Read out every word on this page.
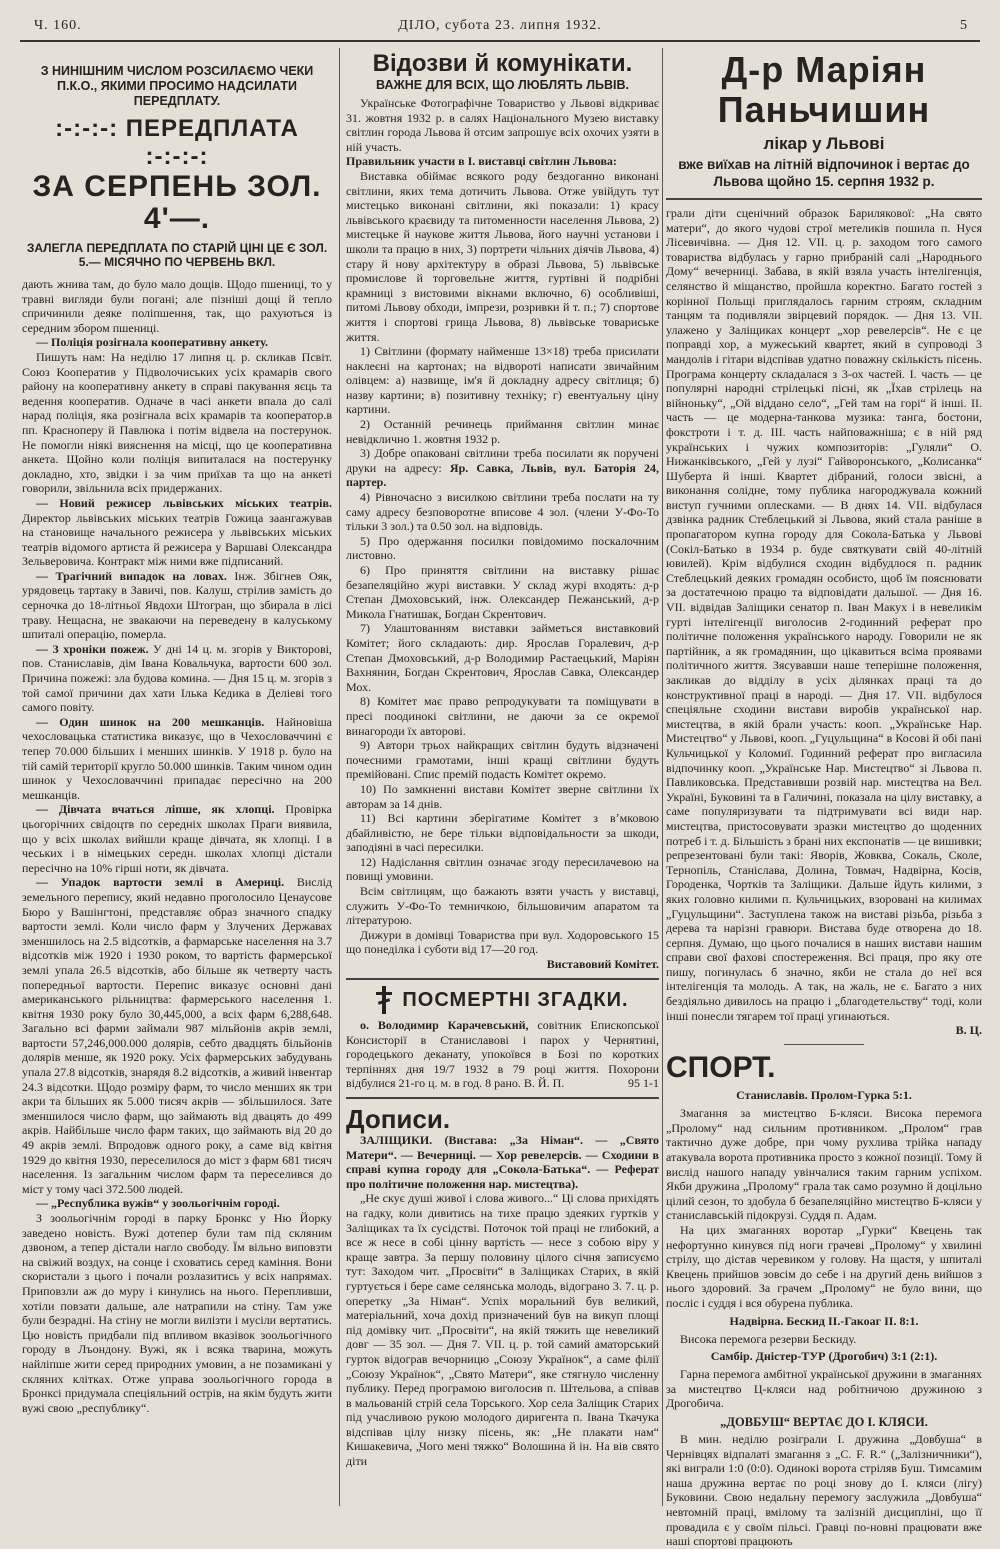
Ч. 160.	ДІЛО, субота 23. липня 1932.	5
З НИНІШНИМ ЧИСЛОМ РОЗСИЛАЄМО ЧЕКИ П.К.О., ЯКИМИ ПРОСИМО НАДСИЛАТИ ПЕРЕДПЛАТУ.
:-:-:-: ПЕРЕДПЛАТА :-:-:-:
ЗА СЕРПЕНЬ ЗОЛ. 4'—.
ЗАЛЕГЛА ПЕРЕДПЛАТА ПО СТАРІЙ ЦІНІ ЦЕ Є ЗОЛ. 5.— МІСЯЧНО ПО ЧЕРВЕНЬ ВКЛ.

дають жнива там, до було мало дощів. Щодо пшениці, то у травні вигляди були погані; але пізніші дощі й тепло спричинили деяке поліпшення, так, що рахуються із середним збором пшениці.

— Поліція розігнала кооперативну анкету.

Пишуть нам: На неділю 17 липня ц. р. скликав Псвіт. Союз Кооператив у Підволочиських усіх крамарів свого району на кооперативну анкету в справі пакування яєць та ведення кооператив. Одначе в часі анкети впала до салі нарад поліція, яка розігнала всіх крамарів та кооператор.в пп. Красноперу й Павлюка і потім відвела на постерунок. Не помогли ніякі вияснення на місці, що це кооперативна анкета. Щойно коли поліція випиталася на постерунку докладно, хто, звідки і за чим приїхав та що на анкеті говорили, звільнила всіх придержаних.

— Новий режисер львівських міських театрів. Директор львівських міських театрів Гожица заангажував на становище начального режисера у львівських міських театрів відомого артиста й режисера у Варшаві Олександра Зельверовича. Контракт між ними вже підписаний.

— Трагічний випадок на ловах. Інж. Збігнев Ояк, урядовець тартаку в Завичі, пов. Калуш, стрілив замість до серночка до 18-літньої Явдохи Штогран, що збирала в лісі траву. Нещасна, не звакаючи на переведену в калуському шпиталі операцію, померла.

— З хроніки пожеж. У дні 14 ц. м. згорів у Викторові, пов. Станиславів, дім Івана Ковальчука, вартости 600 зол. Причина пожежі: зла будова комина. — Дня 15 ц. м. згорів з той самої причини дах хати Ількa Кедика в Деліеві того самого повіту.

— Один шинок на 200 мешканців. Найновіша чехословацька статистика виказує, що в Чехословаччині є тепер 70.000 більших і менших шинків. У 1918 р. було на тій самій території кругло 50.000 шинків. Таким чином один шинок у Чехословаччині припадає пересічно на 200 мешканців.

— Дівчата вчаться ліпше, як хлопці. Провірка цьогорічних свідоцтв по середніх школах Праги виявила, що у всіх школах вийшли краще дівчата, як хлопці. І в чеських і в німецьких середн. школах хлопці дістали пересічно на 10% гірші ноти, як дівчата.

— Упадок вартости землі в Америці. Вислід земельного перепису, який недавно проголосило Ценаусове Бюро у Вашінгтоні, представляє образ значного спадку вартости землі. Коли число фарм у Злучених Державах зменшилось на 2.5 відсотків, а фармарське населення на 3.7 відсотків між 1920 і 1930 роком, то вартість фармерської землі упала 26.5 відсотків, або більше як четверту часть попередньої вартости. Перепис виказує основні дані американського рільництва: фармерського населення 1. квітня 1930 року було 30,445,000, а всіх фарм 6,288,648. Загально всі фарми займали 987 мільйонів акрів землі, вартости 57,246,000.000 долярів, себто двадцять більйонів долярів менше, як 1920 року. Усіх фармерських забудувань упала 27.8 відсотків, знарядя 8.2 відсотків, а живий інвентар 24.3 відсотки. Щодо розміру фарм, то число менших як три акри та більших як 5.000 тисяч акрів — збільшилося. Зате зменшилося число фарм, що займають від двацять до 499 акрів. Найбільше число фарм таких, що займають від 20 до 49 акрів землі. Впродовж одного року, а саме від квітня 1929 до квітня 1930, переселилося до міст з фарм 681 тисяч населення. Із загальним числом фарм та переселився до міст у тому часі 372.500 людей.

— „Республика вужів“ у зоольогічнім городі.

З зоольогічнім городі в парку Бронкс у Ню Йорку заведено новість. Вужі дотепер були там під скляним дзвоном, а тепер дістали нагло свободу. Їм вільно виповзти на свіжий воздух, на сонце і сховатись серед каміння. Вони скористали з цього і почали розлазитись у всіх напрямах. Приповзли аж до муру і кинулись на нього. Перепливши, хотіли повзати дальше, але натрапили на стіну. Там уже були безрадні. На стіну не могли вилізти і мусіли вертатись. Цю новість придбали під впливом вказівок зоольогічного городу в Лъондону. Вужі, як і всяка тварина, можуть найліпше жити серед природних умовин, а не позамикані у скляних клітках. Отже управа зоольогічного города в Бронксі придумала спеціяльний острів, на якім будуть жити вужі свою „республику“.

Відозви й комунікати.
ВАЖНЕ ДЛЯ ВСІХ, ЩО ЛЮБЛЯТЬ ЛЬВІВ.

Українське Фотографічне Товариство у Львові відкриває 31. жовтня 1932 р. в салях Національного Музею виставку світлин города Львова й отсим запрошує всіх охочих узяти в ній участь.

Правильник участи в І. виставці світлин Львова:

Виставка обіймає всякого роду бездоганно виконані світлини, яких тема дотичить Львова. Отже увійдуть тут мистецько виконані світлини, які показали: 1) красу львівського краєвиду та питоменности населення Львова, 2) мистецьке й наукове життя Львова, його научні установи і школи та працю в них, 3) портрети чільних діячів Львова, 4) стару й нову архітектуру в образі Львова, 5) львівське промислове й торговельне життя, гуртівні й подрібні крамниці з вистовими вікнами включно, 6) особливіші, питомі Львову обходи, імпрези, розривки й т. п.; 7) спортове життя і спортові грища Львова, 8) львівське товариське життя.

1) Світлини (формату найменше 13×18) треба присилати наклеєні на картонах; на відвороті написати звичайним олівцем: а) назвище, ім'я й докладну адресу світлиця; б) назву картини; в) позитивну техніку; г) евентуальну ціну картини.

2) Останній речинець приймання світлин минає невідкличнo 1. жовтня 1932 р.

3) Добре опаковані світлини треба посилати як поручені друки на адресу: Яр. Савка, Львів, вул. Баторія 24, партер.

4) Рівночасно з висилкою світлини треба послати на ту саму адресу безповоротне вписове 4 зол. (члени У-Фо-То тільки 3 зол.) та 0.50 зол. на відповідь.

5) Про одержання посилки повідомимо поскалочним листовно.

6) Про приняття світлини на виставку рішає безапеляційно журі виставки. У склад журі входять: д-р Степан Дмоховський, інж. Олександер Пежанський, д-р Микола Гнатишак, Богдан Скрентович.

7) Улаштованням виставки займеться виставковий Комітет; його складають: дир. Ярослав Горалевич, д-р Степан Дмоховський, д-р Володимир Растаецький, Маріян Вахнянин, Богдан Скрентович, Ярослав Савка, Олександер Мох.

8) Комітет має право репродукувати та поміщувати в пресі пoодинокі світлини, не даючи за се окремої винагороди їх авторові.

9) Автори трьох найкращих світлин будуть відзначені почесними грамотами, інші кращі світлини будуть премійовані. Спис премій подасть Комітет окремо.

10) По замкненні вистави Комітет зверне світлини їх авторам за 14 днів.

11) Всі картини зберігатиме Комітет з вʼмковою дбайливістю, не бере тільки відповідальности за шкоди, заподіяні в часі пересилки.

12) Надіслання світлин означає згоду пересилачeвою на повищі умовини.

Всім світлицям, що бажають взяти участь у виставці, служить У-Фо-То темничкою, більшовичим апаратом та літературою.

Дижури в домівці Товариства при вул. Ходоровського 15 що понеділка і суботи від 17—20 год.

Виставовий Комітет.
ПОСМЕРТНІ ЗГАДКИ.

о. Володимир Карачевський, совітник Епископської Консисторії в Станиславові і парох у Чернятині, городецького деканату, упокоївся в Бозі по коротких терпіннях дня 19/7 1932 в 79 році життя. Похорони відбулися 21-го ц. м. в год. 8 рано. В. Й. П.	95 1-1

Дописи.

ЗАЛІЩИКИ. (Вистава: „За Німан“. — „Свято Матери“. — Вечерниці. — Хор ревелерсів. — Сходини в справі купна городу для „Сокола-Батька“. — Реферат про політичне положення нар. мистецтва).

„Не скує душі живої і слова живого...“ Ці слова прихідять на гадку, коли дивитись на тихе працю здеяких гуртків у Заліщиках та їх сусідстві. Поточок той праці не глибокий, а все ж несе в собі цінну вартість — несе з собою віру у краще завтра. За першу половину цілого січня записуємо тут: Заходом чит. „Просвіти“ в Заліщиках Старих, в якій гуртується і бере саме селянська молодь, відограно 3. 7. ц. р. оперетку „За Німан“. Успіх моральний був великий, матеріальний, хоча дохід призначений був на викуп площі під домівку чит. „Просвіти“, на якій тяжить ще невеликий довг — 35 зол. — Дня 7. VII. ц. р. той самий аматорський гурток відограв вечорницю „Союзу Українок“, а саме філії „Союзу Українок“, „Свято Матери“, яке стягнуло численну публику. Перед програмою виголосив п. Штельова, а співав в мальованій стрій села Торського. Хор села Заліщик Старих під учасливою рукою молодого диригента п. Івана Ткачука відспівав цілу низку пісень, як: „Не плакати нам“ Кишакевича, „Чого мені тяжко“ Волошина й ін. На вів свято діти

Д-р Маріян Паньчишин
лікар у Львові
вже виїхав на літній відпочинок і вертає до Львова щойно 15. серпня 1932 р.

грали діти сценічний образок Барилякової: „На свято матери“, до якого чудові строї метеликів пошила п. Нуся Лісевичівна. — Дня 12. VII. ц. р. заходом того самого товариства відбулась у гарно прибраній салі „Народнього Дому“ вечерниці. Забава, в якій взяла участь інтелігенція, селянство й міщанство, пройшла коректно. Багато гостей з корінної Польщі приглядалось гарним строям, складним танцям та подивляли звірцевий порядок. — Дня 13. VII. улажено у Заліщиках концерт „хор ревелерсів“. Не є це поправді хор, а мужеський квартет, який в супроводі 3 мандолів і гітари відспівав удатно поважну скількість пісень. Програма концерту складалася з 3-ох частей. І. часть — це популярні народні стрілецькі пісні, як „Їхав стрілець на війноньку“, „Ой віддано село“, „Гей там на горі“ й інші. ІІ. часть — це модерна-танкова музика: танга, бостони, фокстроти і т. д. ІІІ. часть найповажніша; є в ній ряд українських і чужих композиторів: „Гуляли“ О. Нижанківського, „Гей у лузі“ Гайворонського, „Колисанка“ Шуберта й інші. Квартет дібраний, голоси звісні, а виконання солідне, тому публика нагороджувала кожний виступ гучними оплесками. — В днях 14. VII. відбулася дзвінка радник Стеблецький зі Львова, який стала раніше в пропагатором купна городу для Сокола-Батька у Львові (Сокіл-Батько в 1934 р. буде святкувати свій 40-літній ювилей). Крім відбулися сходин відбудлося п. радник Стеблецький деяких громадян особисто, щоб їм пояснювати за достатечною працю та відповідати дальшої. — Дня 16. VII. відвідав Заліщики сенатор п. Іван Макух і в невеликім гурті інтелігенції виголосив 2-годинний реферат про політичне положення українського народу. Говорили не як партійник, а як громадянин, що цікавиться всіма проявами політичного життя. Зясувавши наше теперішне положення, закликав до відділу в усіх ділянках праці та до конструктивної праці в народі. — Дня 17. VII. відбулося спеціяльне сходини вистави виробів української нар. мистецтва, в якій брали участь: кооп. „Українське Нар. Мистецтво“ у Львові, кооп. „Гуцульщина“ в Косові й обі пані Кульчицької у Коломиї. Годинний реферат про вигласила відпочинку кооп. „Українське Нар. Мистецтво“ зі Львова п. Павликовська. Представивши розвій нар. мистецтва на Вел. Україні, Буковині та в Галичині, показала на цілу виставку, а саме популяризувати та підтримувати всі види нар. мистецтва, пристосовувати зразки мистецтво до щоденних потреб і т. д. Більшість з брані них експонатів — це вишивки; репрезентовані були такі: Яворів, Жовква, Сокаль, Сколе, Тернопіль, Станіслава, Долина, Товмач, Надвірна, Косів, Городенка, Чортків та Заліщики. Дальше йдуть килими, з яких головно килими п. Кульчицьких, взоровані на килимах „Гуцульщини“. Заступлена також на виставі різьба, різьба з дерева та нарізні гравюри. Вистава буде отворена до 18. серпня. Думаю, що цього почалися в наших вистави нашим справи свої фахові спостереження. Всі праця, про яку оте пишу, погинулась б значно, якби не стала до неї вся інтелігенція та молодь. А так, на жаль, не є. Багато з них бездіяльно дивилось на працю і „благодетельству“ тоді, коли інші понесли тягарем тої праці угинаються.

В. Ц.
СПОРТ.
Станиславів. Пролом-Гурка 5:1.

Змагання за мистецтво Б-кляси. Висока перемога „Пролому“ над сильним противником. „Пролом“ грав тактично дуже добре, при чому рухлива трійка нападу атакувала ворота противника просто з кожної позиції. Тому й вислід нашого нападу увінчалися таким гарним успіхом. Якби дружина „Пролому“ грала так само розумно й доцільно цілий сезон, то здобула б безапеляційно мистецтво Б-кляси у станиславській підокрузі. Суддя п. Адам.

На цих змаганнях воротар „Гурки“ Квецень так нефортунно кинувся під ноги грачеві „Пролому“ у хвилині стрілу, що дістав черевиком у голову. На щастя, у шпиталі Квецень прийшов зовсім до себе і на другий день вийшов з нього здоровий. За грачем „Пролому“ не було вини, що посліс і суддя і вся обурена публика.

Надвірна. Бескид ІІ.-Гакоаг ІІ. 8:1.

Висока перемога резерви Бескиду.

Самбір. Дністер-ТУР (Дрогобич) 3:1 (2:1).

Гарна перемога амбітної української дружини в змаганнях за мистецтво Ц-кляси над робітничою дружиною з Дрогобича.

„ДОВБУШ“ ВЕРТАЄ ДО І. КЛЯСИ.

В мин. неділю розіграли І. дружина „Довбуша“ в Чернівцях відпалаті змагання з „С. F. R.“ („Залізничники“), які виграли 1:0 (0:0). Одинокі ворота стріляв Буш. Тимсамим наша дружина вертає по році знову до І. кляси (лігу) Буковини. Свою недальну перемогу заслужила „Довбуша“ невтомній праці, вмілому та залізній дисципліні, що її провадила є у своїм пільсі. Гравці по-новні працювати вже наші спортові працюють
